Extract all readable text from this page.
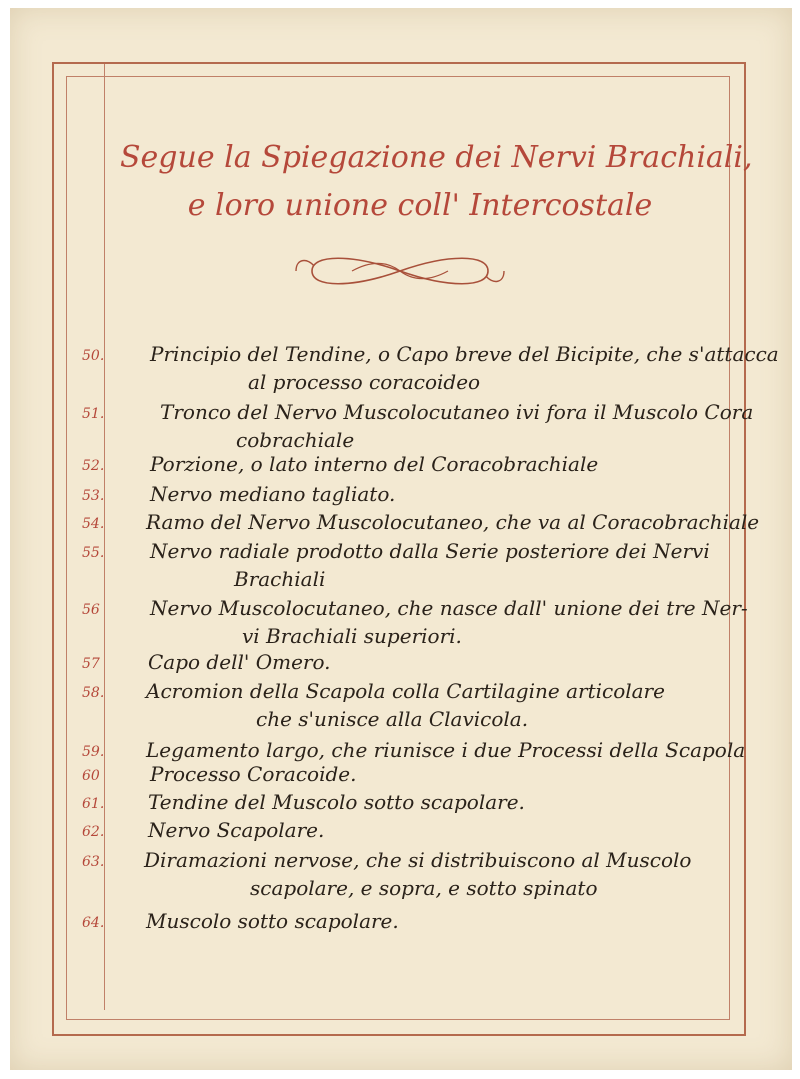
Segue la Spiegazione dei Nervi Brachiali,
e loro unione coll' Intercostale
50.	Principio del Tendine, o Capo breve del Bicipite, che s'attacca
al processo coracoideo
51.	Tronco del Nervo Muscolocutaneo ivi fora il Muscolo Cora
cobrachiale
52.	Porzione, o lato interno del Coracobrachiale
53.	Nervo mediano tagliato.
54.	Ramo del Nervo Muscolocutaneo, che va al Coracobrachiale
55.	Nervo radiale prodotto dalla Serie posteriore dei Nervi
Brachiali
56	Nervo Muscolocutaneo, che nasce dall' unione dei tre Ner-
vi Brachiali superiori.
57	Capo dell' Omero.
58.	Acromion della Scapola colla Cartilagine articolare
che s'unisce alla Clavicola.
59.	Legamento largo, che riunisce i due Processi della Scapola
60	Processo Coracoide.
61.	Tendine del Muscolo sotto scapolare.
62.	Nervo Scapolare.
63.	Diramazioni nervose, che si distribuiscono al Muscolo
scapolare, e sopra, e sotto spinato
64.	Muscolo sotto scapolare.
